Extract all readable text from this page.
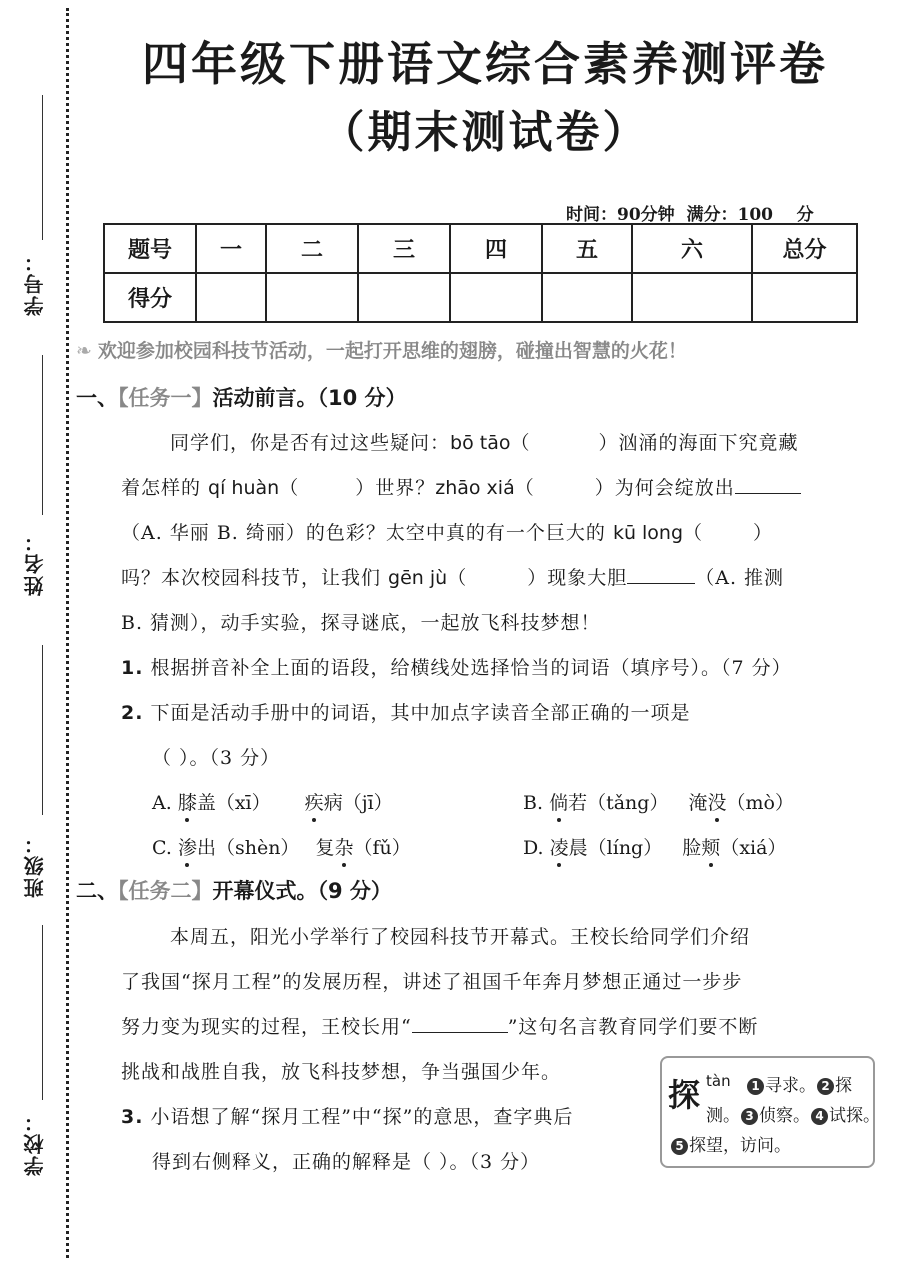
学号：
姓名：
班级：
学校：
四年级下册语文综合素养测评卷
（期末测试卷）
时间：90分钟  满分：100    分
题号	一	二	三	四	五	六	总分
得分							
❧ 欢迎参加校园科技节活动，一起打开思维的翅膀，碰撞出智慧的火花！
一、【任务一】活动前言。（10 分）
同学们，你是否有过这些疑问：bō tāo（	）汹涌的海面下究竟藏
着怎样的 qí huàn（	）世界？zhāo xiá（	）为何会绽放出
（A. 华丽 B. 绮丽）的色彩？太空中真的有一个巨大的 kū long（	）
吗？本次校园科技节，让我们 gēn jù（	）现象大胆	（A. 推测
B. 猜测），动手实验，探寻谜底，一起放飞科技梦想！
1. 根据拼音补全上面的语段，给横线处选择恰当的词语（填序号）。（7 分）
2. 下面是活动手册中的词语，其中加点字读音全部正确的一项是
（ ）。（3 分）
A. 膝盖（xī） 疾病（jī）	B. 倘若（tǎng） 淹没（mò）
C. 渗出（shèn） 复杂（fǔ）	D. 凌晨（líng） 脸颊（xiá）
二、【任务二】开幕仪式。（9 分）
本周五，阳光小学举行了校园科技节开幕式。王校长给同学们介绍
了我国“探月工程”的发展历程，讲述了祖国千年奔月梦想正通过一步步
努力变为现实的过程，王校长用“	”这句名言教育同学们要不断
挑战和战胜自我，放飞科技梦想，争当强国少年。
3. 小语想了解“探月工程”中“探”的意思，查字典后
得到右侧释义，正确的解释是（ ）。（3 分）
探 tàn	1 寻求。 2 探
测。 3 侦察。 4 试探。
5 探望，访问。
